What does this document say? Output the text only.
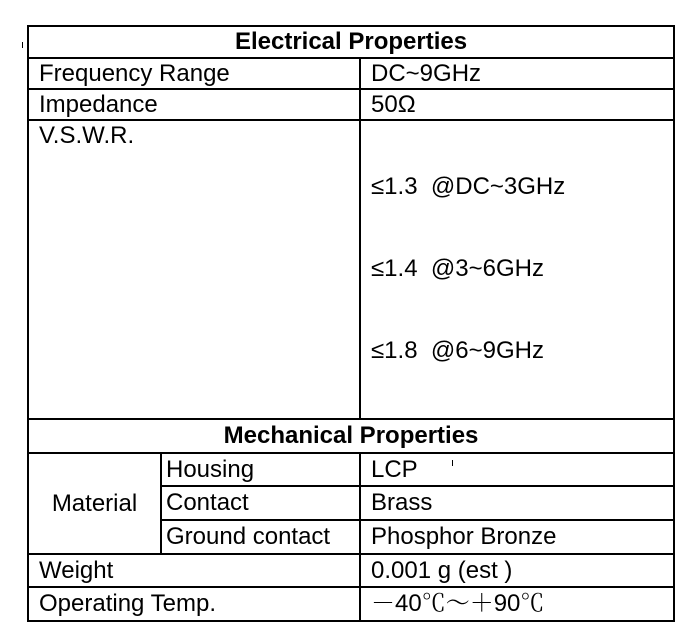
Electrical Properties		
Frequency Range		DC~9GHz
Impedance		50Ω
V.S.W.R.		≤1.3  @DC~3GHz

≤1.4  @3~6GHz

≤1.8  @6~9GHz

Mechanical Properties		
Material	Housing	LCP
	Contact	Brass
	Ground contact	Phosphor Bronze
Weight		0.001 g (est )
Operating Temp.		－40℃～＋90℃
